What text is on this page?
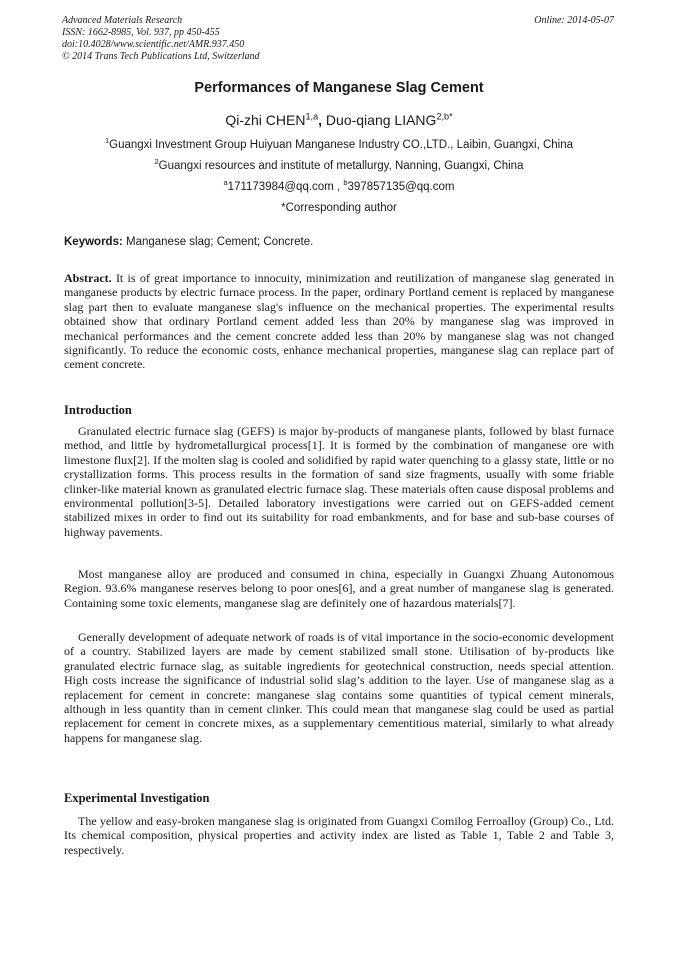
Advanced Materials Research
ISSN: 1662-8985, Vol. 937, pp 450-455
doi:10.4028/www.scientific.net/AMR.937.450
© 2014 Trans Tech Publications Ltd, Switzerland
Online: 2014-05-07
Performances of Manganese Slag Cement
Qi-zhi CHEN$^{1,a}$, Duo-qiang $LIANG^{2,b*}$
$^1$Guangxi Investment Group Huiyuan Manganese Industry CO.,LTD., Laibin, Guangxi, China
$^2$Guangxi resources and institute of metallurgy, Nanning, Guangxi, China
$^a$171173984@qq.com , $^b$397857135@qq.com
*Corresponding author
Keywords: Manganese slag; Cement; Concrete.

Abstract. It is of great importance to innocuity, minimization and reutilization of manganese slag generated in manganese products by electric furnace process. In the paper, ordinary Portland cement is replaced by manganese slag part then to evaluate manganese slag's influence on the mechanical properties. The experimental results obtained show that ordinary Portland cement added less than 20% by manganese slag was improved in mechanical performances and the cement concrete added less than 20% by manganese slag was not changed significantly. To reduce the economic costs, enhance mechanical properties, manganese slag can replace part of cement concrete.

Introduction

Granulated electric furnace slag (GEFS) is major by-products of manganese plants, followed by blast furnace method, and little by hydrometallurgical process[1]. It is formed by the combination of manganese ore with limestone flux[2]. If the molten slag is cooled and solidified by rapid water quenching to a glassy state, little or no crystallization forms. This process results in the formation of sand size fragments, usually with some friable clinker-like material known as granulated electric furnace slag. These materials often cause disposal problems and environmental pollution[3-5]. Detailed laboratory investigations were carried out on GEFS-added cement stabilized mixes in order to find out its suitability for road embankments, and for base and sub-base courses of highway pavements.

Most manganese alloy are produced and consumed in china, especially in Guangxi Zhuang Autonomous Region. 93.6% manganese reserves belong to poor ones[6], and a great number of manganese slag is generated. Containing some toxic elements, manganese slag are definitely one of hazardous materials[7].

Generally development of adequate network of roads is of vital importance in the socio-economic development of a country. Stabilized layers are made by cement stabilized small stone. Utilisation of by-products like granulated electric furnace slag, as suitable ingredients for geotechnical construction, needs special attention. High costs increase the significance of industrial solid slag’s addition to the layer. Use of manganese slag as a replacement for cement in concrete: manganese slag contains some quantities of typical cement minerals, although in less quantity than in cement clinker. This could mean that manganese slag could be used as partial replacement for cement in concrete mixes, as a supplementary cementitious material, similarly to what already happens for manganese slag.

Experimental Investigation

The yellow and easy-broken manganese slag is originated from Guangxi Comilog Ferroalloy (Group) Co., Ltd. Its chemical composition, physical properties and activity index are listed as Table 1, Table 2 and Table 3, respectively.
